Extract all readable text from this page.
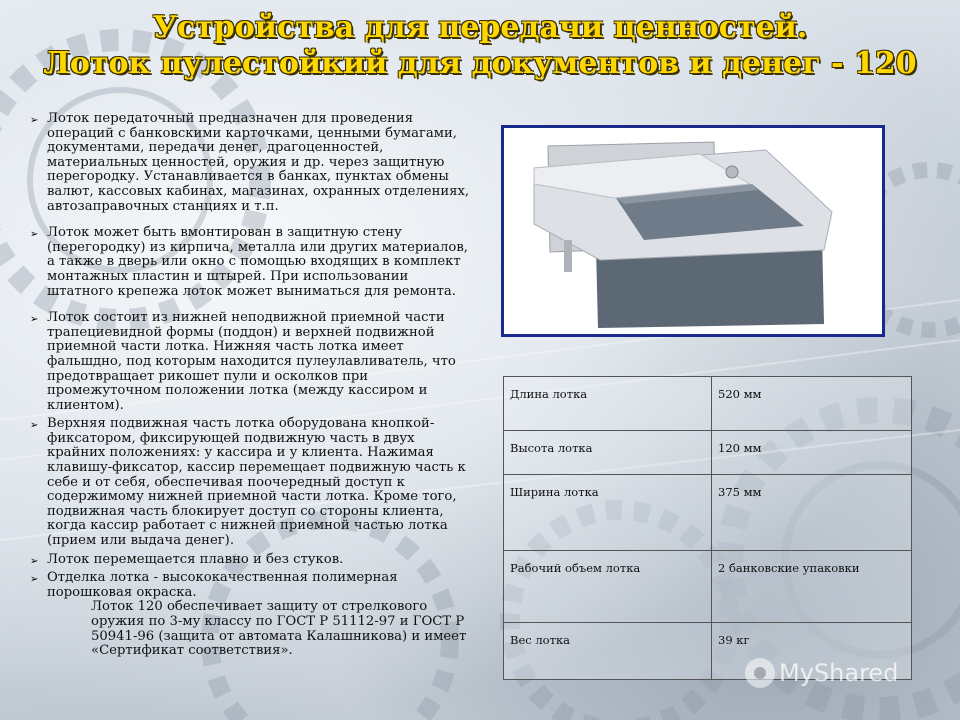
Устройства для передачи ценностей.
Лоток пулестойкий для документов и денег - 120
➢ Лоток передаточный предназначен для проведения операций с банковскими карточками, ценными бумагами, документами, передачи денег, драгоценностей, материальных ценностей, оружия и др. через защитную перегородку. Устанавливается в банках, пунктах обмены валют, кассовых кабинах, магазинах, охранных отделениях, автозаправочных станциях и т.п.
➢ Лоток может быть вмонтирован в защитную стену (перегородку) из кирпича, металла или других материалов, а также в дверь или окно с помощью входящих в комплект монтажных пластин и штырей. При использовании штатного крепежа лоток может выниматься для ремонта.
➢ Лоток состоит из нижней неподвижной приемной части трапециевидной формы (поддон) и верхней подвижной приемной части лотка. Нижняя часть лотка имеет фальшдно, под которым находится пулеулавливатель, что предотвращает рикошет пули и осколков при промежуточном положении лотка (между кассиром и клиентом).
➢ Верхняя подвижная часть лотка оборудована кнопкой-фиксатором, фиксирующей подвижную часть в двух крайних положениях: у кассира и у клиента. Нажимая клавишу-фиксатор, кассир перемещает подвижную часть к себе и от себя, обеспечивая поочередный доступ к содержимому нижней приемной части лотка. Кроме того, подвижная часть блокирует доступ со стороны клиента, когда кассир работает с нижней приемной частью лотка (прием или выдача денег).
➢ Лоток перемещается плавно и без стуков.
➢ Отделка лотка - высококачественная полимерная порошковая окраска.
Лоток 120 обеспечивает защиту от стрелкового оружия по 3-му классу по ГОСТ Р 51112-97 и ГОСТ Р 50941-96 (защита от автомата Калашникова) и имеет «Сертификат соответствия».
Длина лотка	520 мм
Высота лотка	120 мм
Ширина лотка	375 мм
Рабочий объем лотка	2 банковские упаковки
Вес лотка	39 кг
MyShared
